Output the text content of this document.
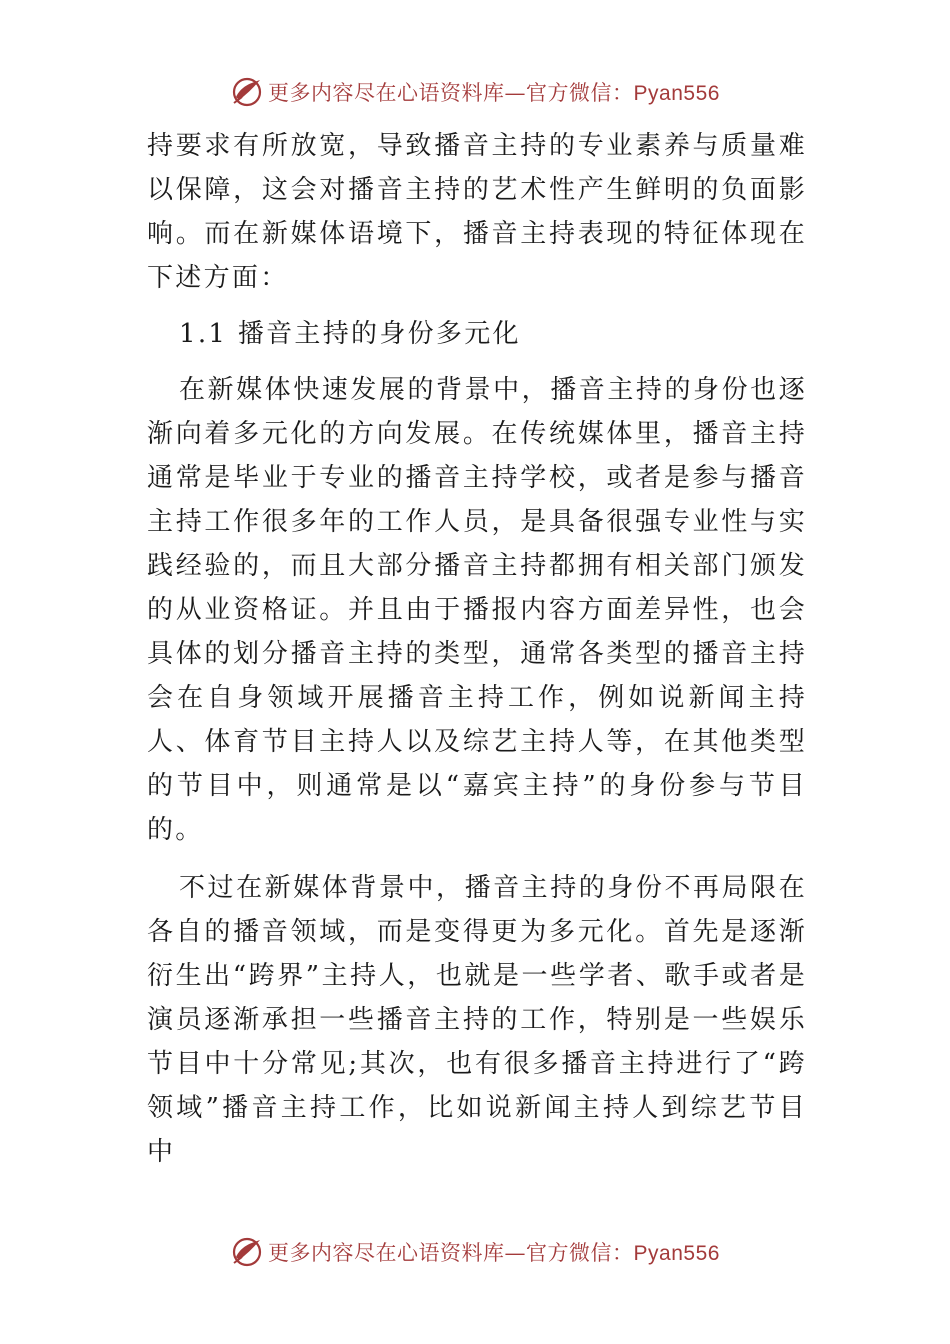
更多内容尽在心语资料库—官方微信：Pyan556

持要求有所放宽，导致播音主持的专业素养与质量难以保障，这会对播音主持的艺术性产生鲜明的负面影响。而在新媒体语境下，播音主持表现的特征体现在下述方面：

1.1 播音主持的身份多元化

在新媒体快速发展的背景中，播音主持的身份也逐渐向着多元化的方向发展。在传统媒体里，播音主持通常是毕业于专业的播音主持学校，或者是参与播音主持工作很多年的工作人员，是具备很强专业性与实践经验的，而且大部分播音主持都拥有相关部门颁发的从业资格证。并且由于播报内容方面差异性，也会具体的划分播音主持的类型，通常各类型的播音主持会在自身领域开展播音主持工作，例如说新闻主持人、体育节目主持人以及综艺主持人等，在其他类型的节目中，则通常是以“嘉宾主持”的身份参与节目的。

不过在新媒体背景中，播音主持的身份不再局限在各自的播音领域，而是变得更为多元化。首先是逐渐衍生出“跨界”主持人，也就是一些学者、歌手或者是演员逐渐承担一些播音主持的工作，特别是一些娱乐节目中十分常见;其次，也有很多播音主持进行了“跨领域”播音主持工作，比如说新闻主持人到综艺节目中

更多内容尽在心语资料库—官方微信：Pyan556
